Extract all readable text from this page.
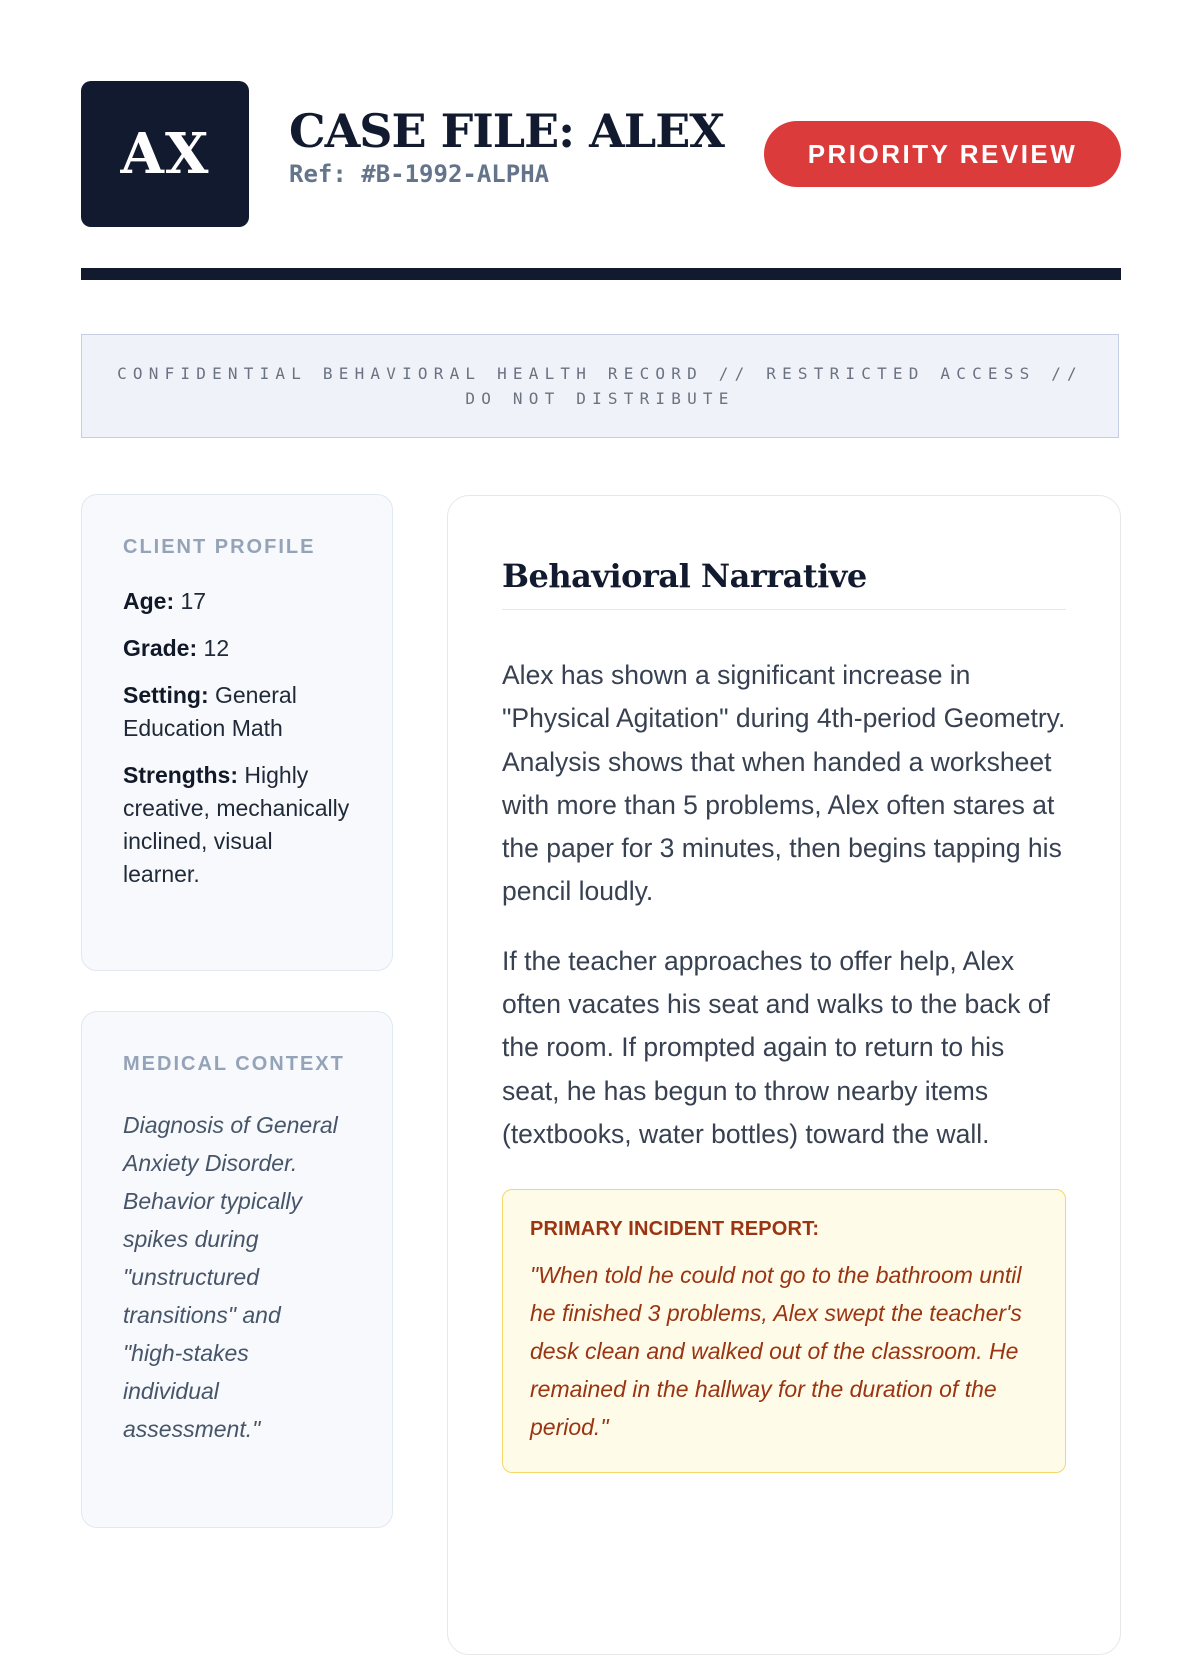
AX	CASE FILE: ALEX
Ref: #B-1992-ALPHA
PRIORITY REVIEW
CONFIDENTIAL BEHAVIORAL HEALTH RECORD // RESTRICTED ACCESS // DO NOT DISTRIBUTE
CLIENT PROFILE
Age: 17
Grade: 12
Setting: General Education Math
Strengths: Highly creative, mechanically inclined, visual learner.
MEDICAL CONTEXT
Diagnosis of General Anxiety Disorder. Behavior typically spikes during "unstructured transitions" and "high-stakes individual assessment."
Behavioral Narrative
Alex has shown a significant increase in "Physical Agitation" during 4th-period Geometry. Analysis shows that when handed a worksheet with more than 5 problems, Alex often stares at the paper for 3 minutes, then begins tapping his pencil loudly.
If the teacher approaches to offer help, Alex often vacates his seat and walks to the back of the room. If prompted again to return to his seat, he has begun to throw nearby items (textbooks, water bottles) toward the wall.
PRIMARY INCIDENT REPORT:
"When told he could not go to the bathroom until he finished 3 problems, Alex swept the teacher's desk clean and walked out of the classroom. He remained in the hallway for the duration of the period."
